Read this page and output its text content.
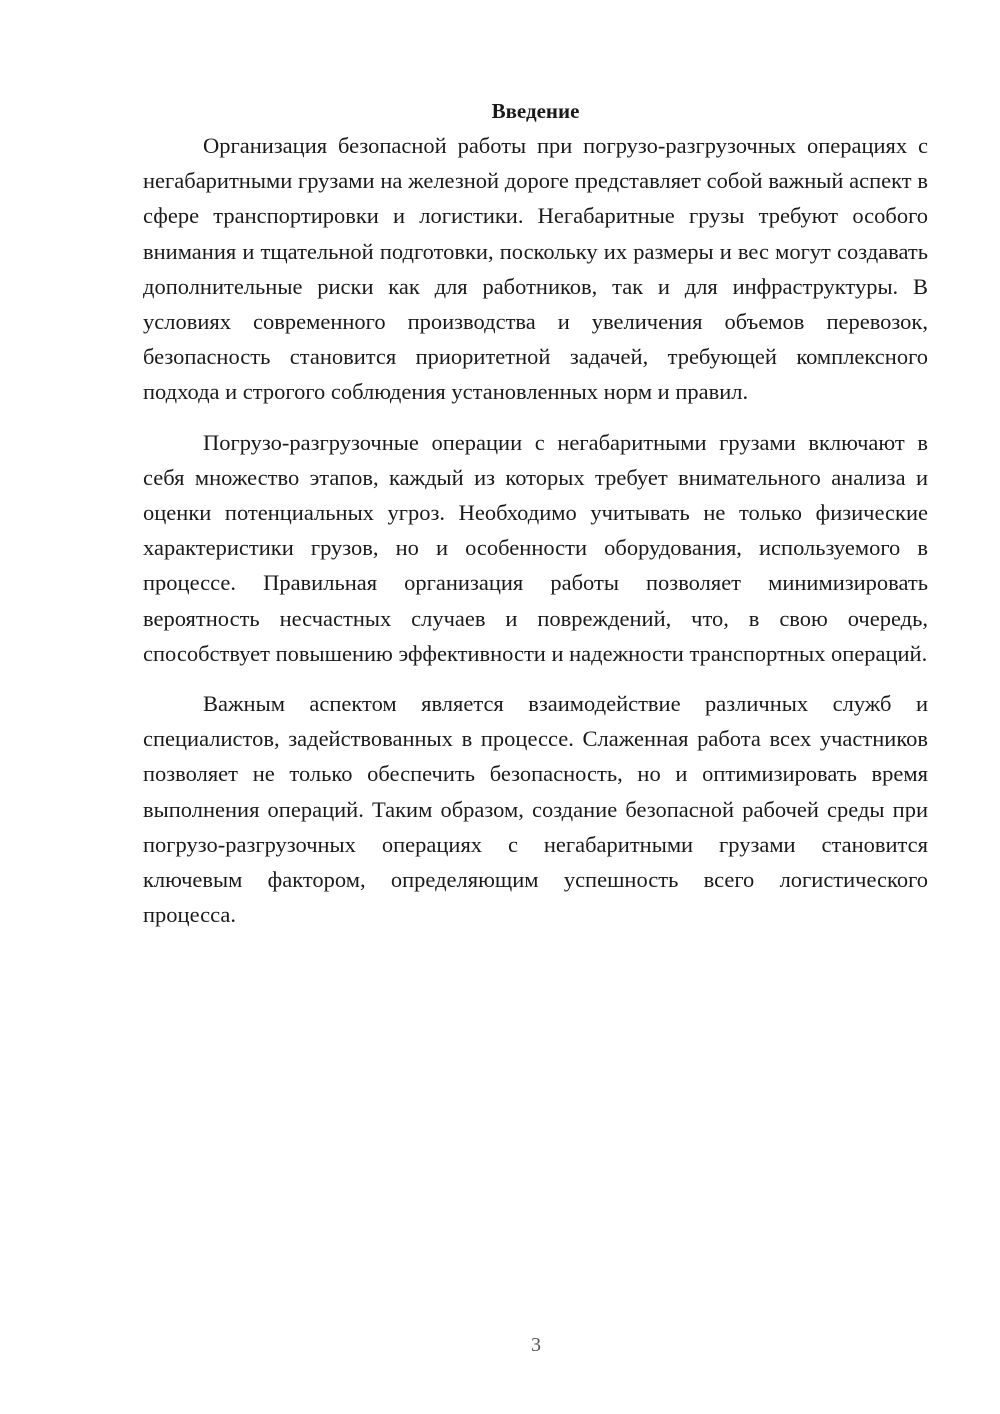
Введение

Организация безопасной работы при погрузо-разгрузочных операциях с негабаритными грузами на железной дороге представляет собой важный аспект в сфере транспортировки и логистики. Негабаритные грузы требуют особого внимания и тщательной подготовки, поскольку их размеры и вес могут создавать дополнительные риски как для работников, так и для инфраструктуры. В условиях современного производства и увеличения объемов перевозок, безопасность становится приоритетной задачей, требующей комплексного подхода и строгого соблюдения установленных норм и правил.

Погрузо-разгрузочные операции с негабаритными грузами включают в себя множество этапов, каждый из которых требует внимательного анализа и оценки потенциальных угроз. Необходимо учитывать не только физические характеристики грузов, но и особенности оборудования, используемого в процессе. Правильная организация работы позволяет минимизировать вероятность несчастных случаев и повреждений, что, в свою очередь, способствует повышению эффективности и надежности транспортных операций.

Важным аспектом является взаимодействие различных служб и специалистов, задействованных в процессе. Слаженная работа всех участников позволяет не только обеспечить безопасность, но и оптимизировать время выполнения операций. Таким образом, создание безопасной рабочей среды при погрузо-разгрузочных операциях с негабаритными грузами становится ключевым фактором, определяющим успешность всего логистического процесса.

3
